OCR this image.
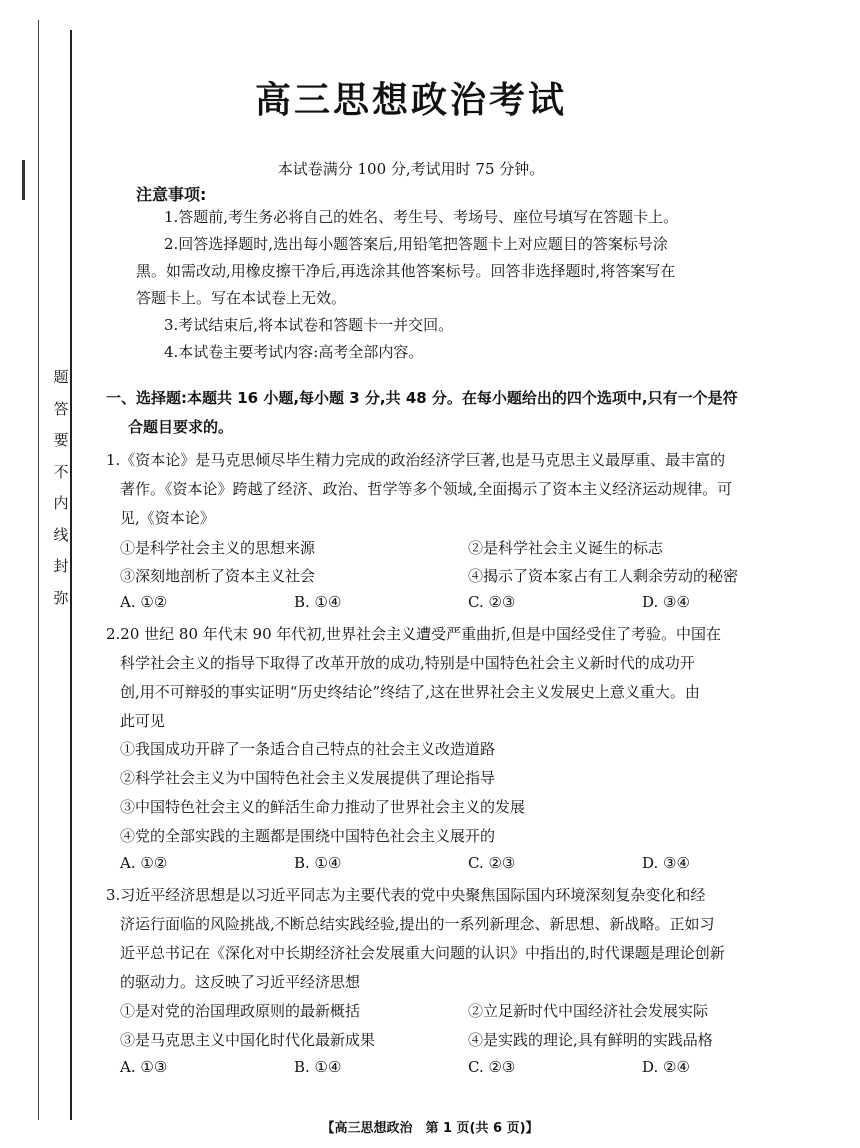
题
答
要
不
内
线
封
弥
高三思想政治考试
本试卷满分 100 分,考试用时 75 分钟。
注意事项:
1.答题前,考生务必将自己的姓名、考生号、考场号、座位号填写在答题卡上。
2.回答选择题时,选出每小题答案后,用铅笔把答题卡上对应题目的答案标号涂
黑。如需改动,用橡皮擦干净后,再选涂其他答案标号。回答非选择题时,将答案写在
答题卡上。写在本试卷上无效。
3.考试结束后,将本试卷和答题卡一并交回。
4.本试卷主要考试内容:高考全部内容。
一、选择题:本题共 16 小题,每小题 3 分,共 48 分。在每小题给出的四个选项中,只有一个是符
合题目要求的。
1.《资本论》是马克思倾尽毕生精力完成的政治经济学巨著,也是马克思主义最厚重、最丰富的
著作。《资本论》跨越了经济、政治、哲学等多个领域,全面揭示了资本主义经济运动规律。可
见,《资本论》
①是科学社会主义的思想来源	②是科学社会主义诞生的标志
③深刻地剖析了资本主义社会	④揭示了资本家占有工人剩余劳动的秘密
A. ①②	B. ①④	C. ②③	D. ③④
2.20 世纪 80 年代末 90 年代初,世界社会主义遭受严重曲折,但是中国经受住了考验。中国在
科学社会主义的指导下取得了改革开放的成功,特别是中国特色社会主义新时代的成功开
创,用不可辩驳的事实证明“历史终结论”终结了,这在世界社会主义发展史上意义重大。由
此可见
①我国成功开辟了一条适合自己特点的社会主义改造道路
②科学社会主义为中国特色社会主义发展提供了理论指导
③中国特色社会主义的鲜活生命力推动了世界社会主义的发展
④党的全部实践的主题都是围绕中国特色社会主义展开的
A. ①②	B. ①④	C. ②③	D. ③④
3.习近平经济思想是以习近平同志为主要代表的党中央聚焦国际国内环境深刻复杂变化和经
济运行面临的风险挑战,不断总结实践经验,提出的一系列新理念、新思想、新战略。正如习
近平总书记在《深化对中长期经济社会发展重大问题的认识》中指出的,时代课题是理论创新
的驱动力。这反映了习近平经济思想
①是对党的治国理政原则的最新概括	②立足新时代中国经济社会发展实际
③是马克思主义中国化时代化最新成果	④是实践的理论,具有鲜明的实践品格
A. ①③	B. ①④	C. ②③	D. ②④
【高三思想政治　第 1 页(共 6 页)】
